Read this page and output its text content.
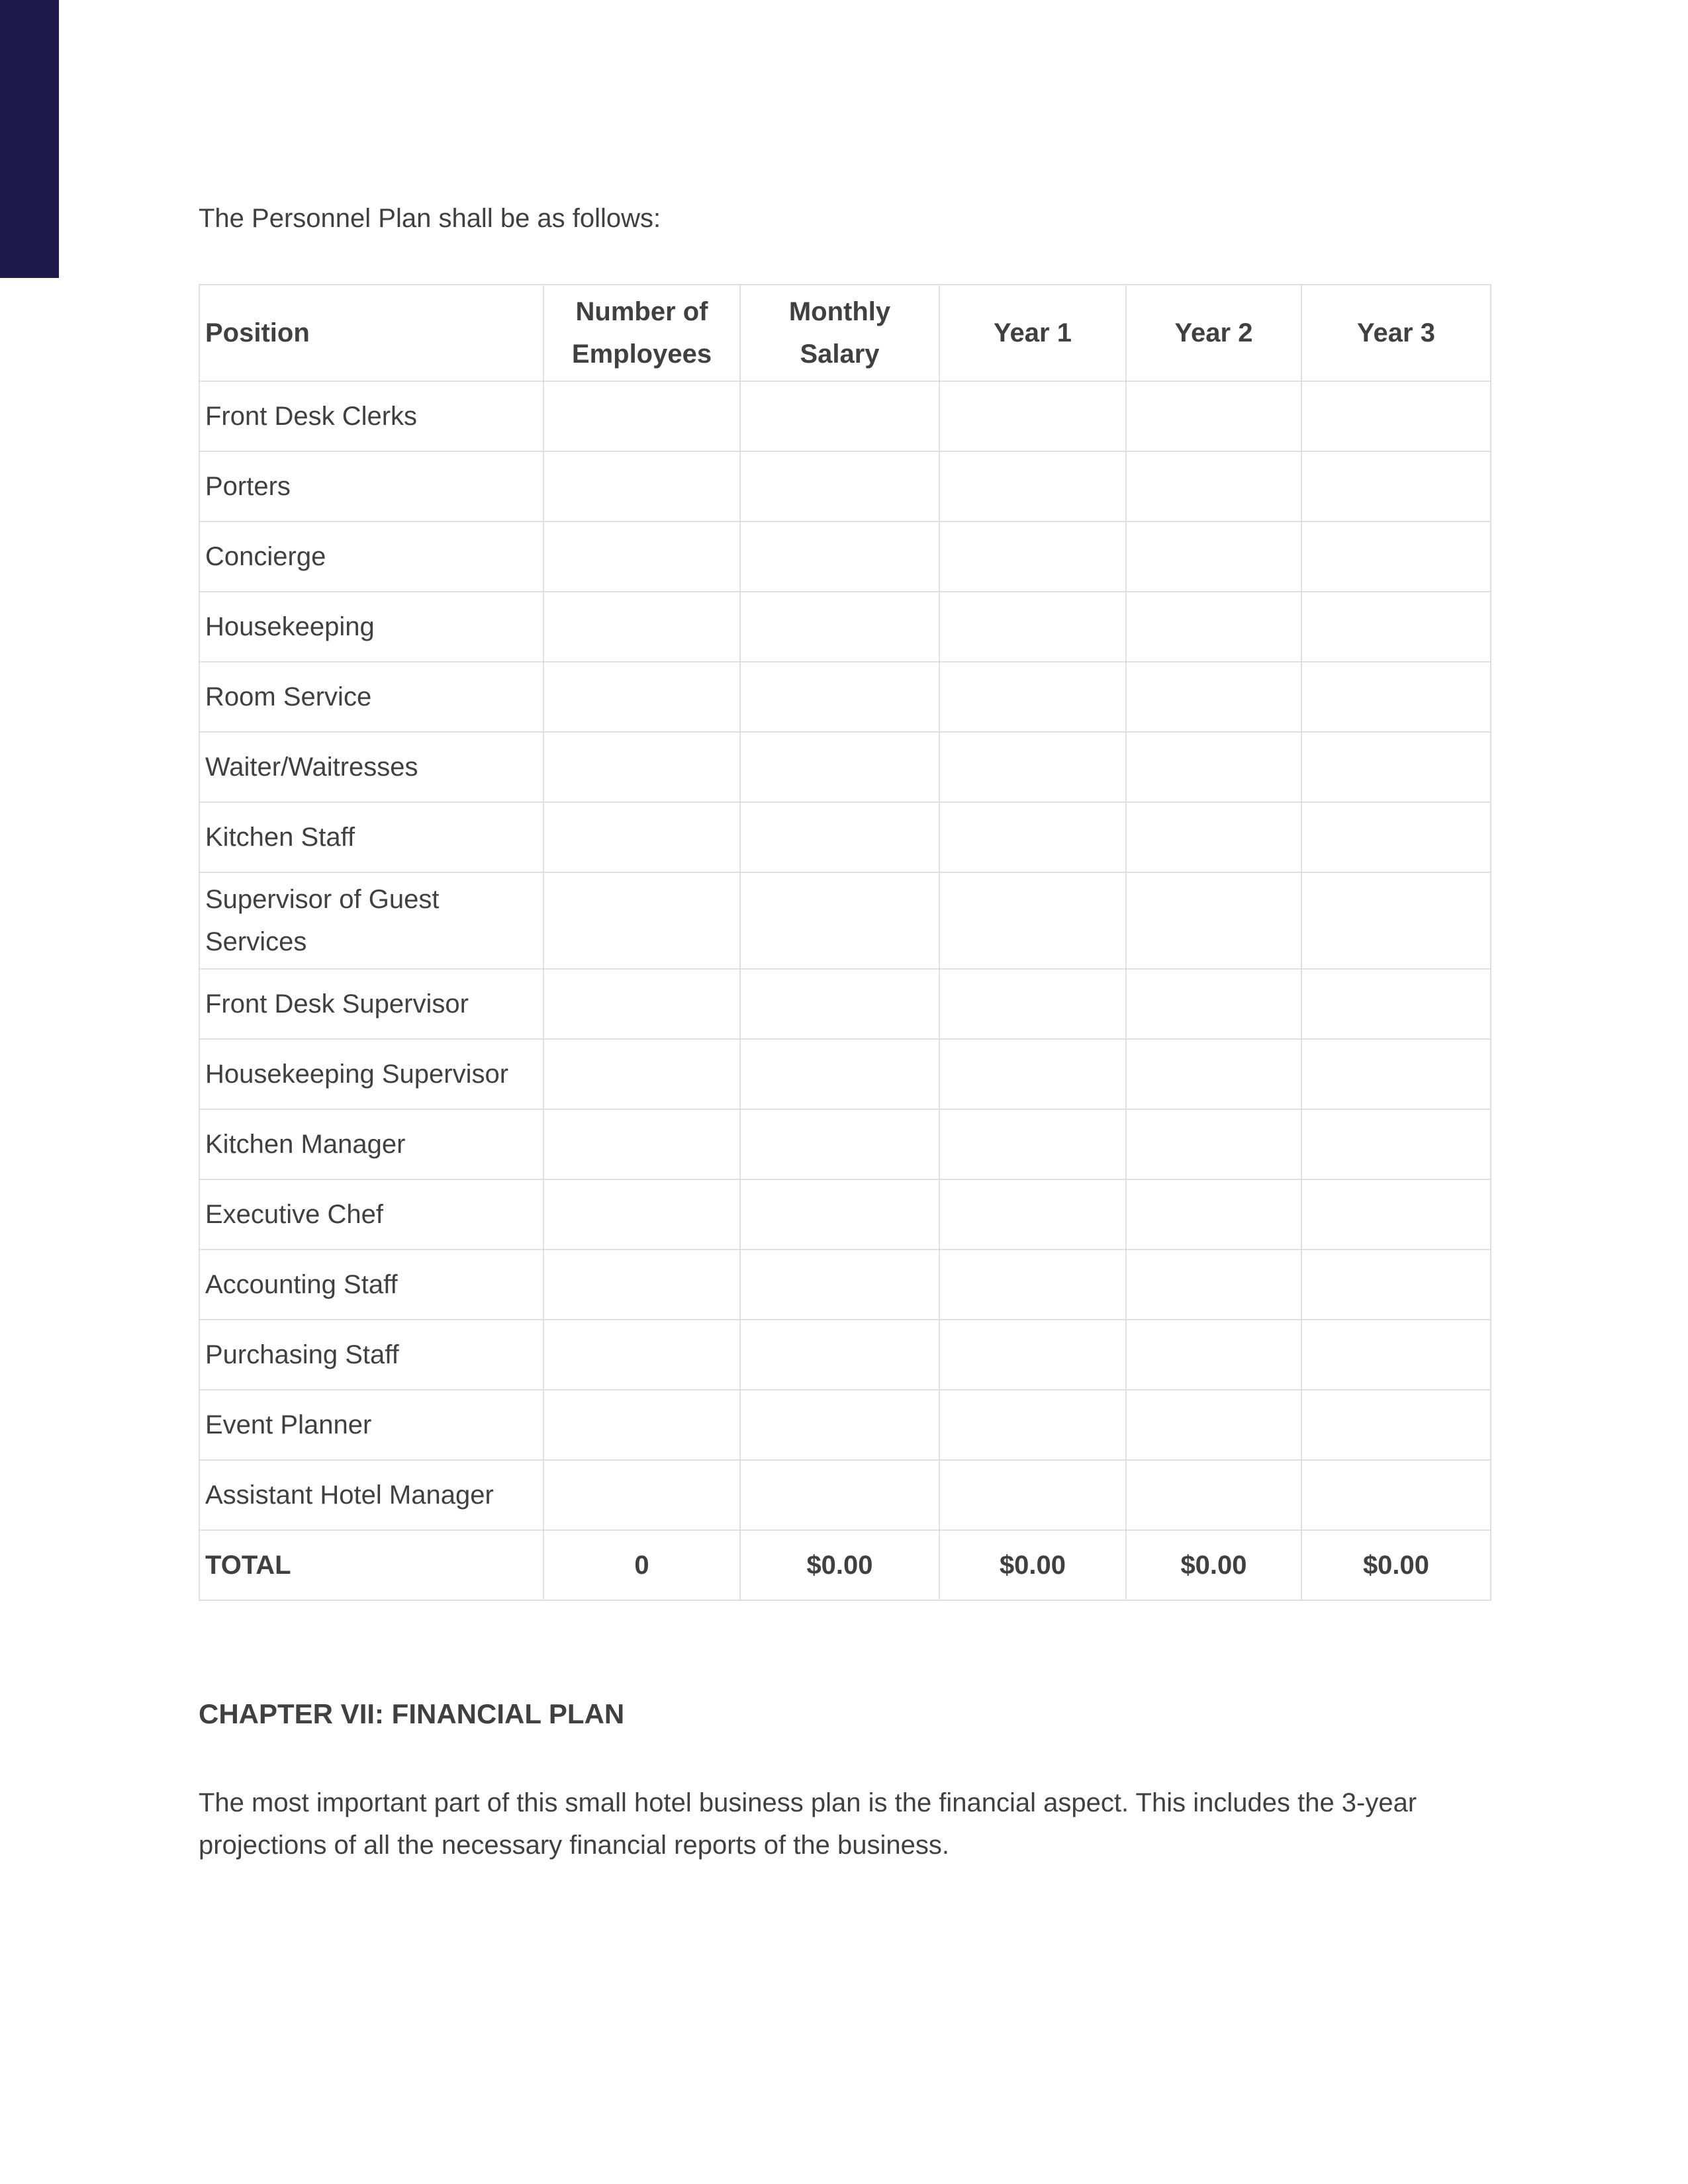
The Personnel Plan shall be as follows:

Position	Number of Employees	Monthly Salary	Year 1	Year 2	Year 3
Front Desk Clerks					
Porters					
Concierge					
Housekeeping					
Room Service					
Waiter/Waitresses					
Kitchen Staff					
Supervisor of Guest Services					
Front Desk Supervisor					
Housekeeping Supervisor					
Kitchen Manager					
Executive Chef					
Accounting Staff					
Purchasing Staff					
Event Planner					
Assistant Hotel Manager					
TOTAL	0	$0.00	$0.00	$0.00	$0.00
CHAPTER VII: FINANCIAL PLAN

The most important part of this small hotel business plan is the financial aspect. This includes the 3-year projections of all the necessary financial reports of the business.
